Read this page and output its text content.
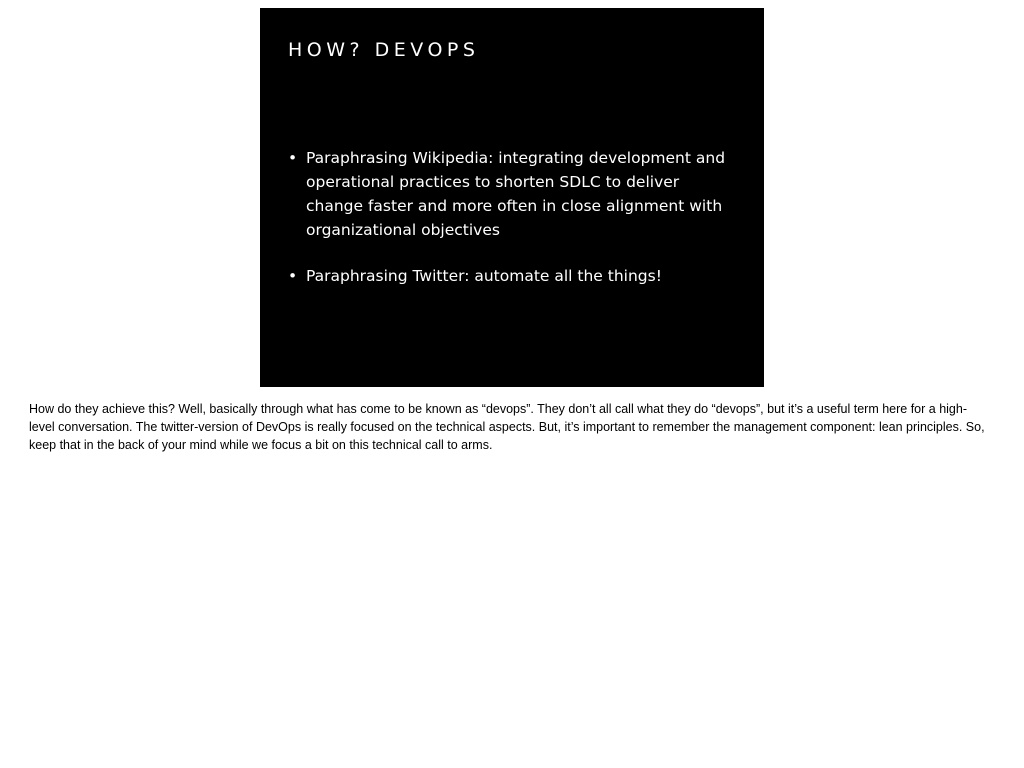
HOW? DEVOPS
• Paraphrasing Wikipedia: integrating development and operational practices to shorten SDLC to deliver change faster and more often in close alignment with organizational objectives
• Paraphrasing Twitter: automate all the things!

How do they achieve this? Well, basically through what has come to be known as “devops”. They don’t all call what they do “devops”, but it’s a useful term here for a high-level conversation. The twitter-version of DevOps is really focused on the technical aspects. But, it’s important to remember the management component: lean principles. So, keep that in the back of your mind while we focus a bit on this technical call to arms.
